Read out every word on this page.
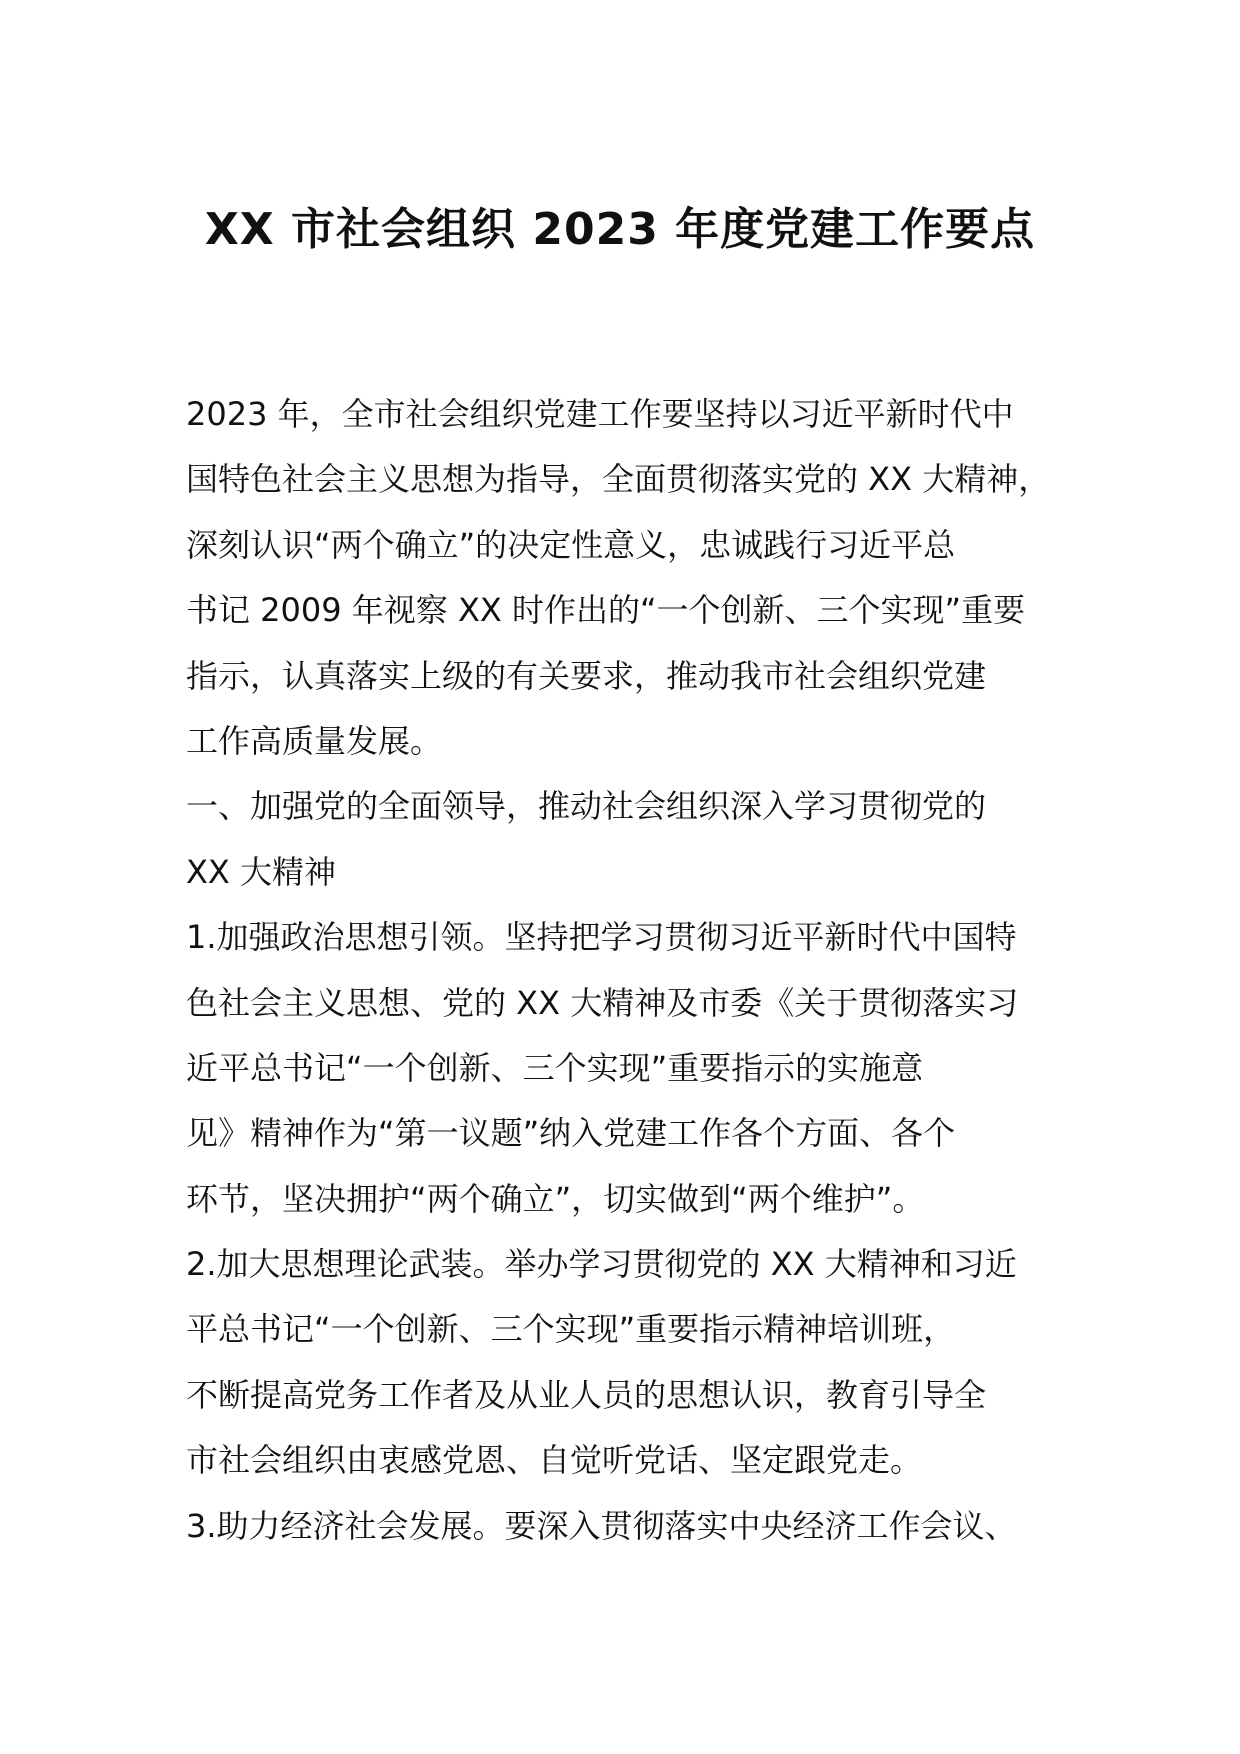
XX 市社会组织 2023 年度党建工作要点
2023 年，全市社会组织党建工作要坚持以习近平新时代中
国特色社会主义思想为指导，全面贯彻落实党的 XX 大精神，
深刻认识“两个确立”的决定性意义，忠诚践行习近平总
书记 2009 年视察 XX 时作出的“一个创新、三个实现”重要
指示，认真落实上级的有关要求，推动我市社会组织党建
工作高质量发展。
一、加强党的全面领导，推动社会组织深入学习贯彻党的
XX 大精神
1.加强政治思想引领。坚持把学习贯彻习近平新时代中国特
色社会主义思想、党的 XX 大精神及市委《关于贯彻落实习
近平总书记“一个创新、三个实现”重要指示的实施意
见》精神作为“第一议题”纳入党建工作各个方面、各个
环节，坚决拥护“两个确立”，切实做到“两个维护”。
2.加大思想理论武装。举办学习贯彻党的 XX 大精神和习近
平总书记“一个创新、三个实现”重要指示精神培训班，
不断提高党务工作者及从业人员的思想认识，教育引导全
市社会组织由衷感党恩、自觉听党话、坚定跟党走。
3.助力经济社会发展。要深入贯彻落实中央经济工作会议、
